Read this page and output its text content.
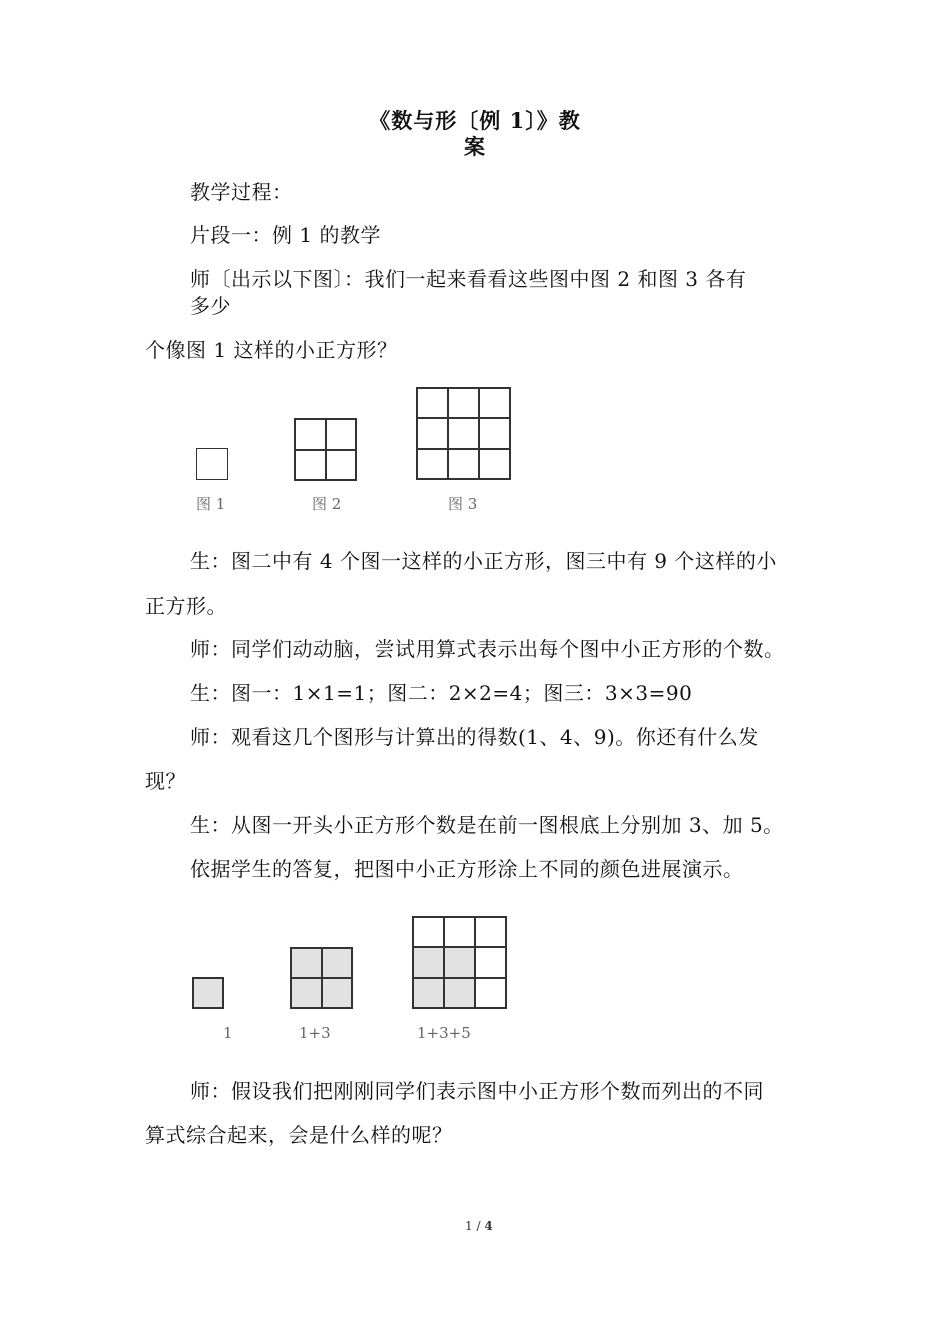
《数与形〔例 1〕》教
案
教学过程：
片段一：例 1 的教学
师〔出示以下图〕：我们一起来看看这些图中图 2 和图 3 各有
多少
个像图 1 这样的小正方形？
图 1	图 2	图 3
生：图二中有 4 个图一这样的小正方形，图三中有 9 个这样的小
正方形。
师：同学们动动脑，尝试用算式表示出每个图中小正方形的个数。
生：图一：1×1=1；图二：2×2=4；图三：3×3=90
师：观看这几个图形与计算出的得数(1、4、9)。你还有什么发
现？
生：从图一开头小正方形个数是在前一图根底上分别加 3、加 5。
依据学生的答复，把图中小正方形涂上不同的颜色进展演示。
1	1+3	1+3+5
师：假设我们把刚刚同学们表示图中小正方形个数而列出的不同
算式综合起来，会是什么样的呢？
1 / 4
